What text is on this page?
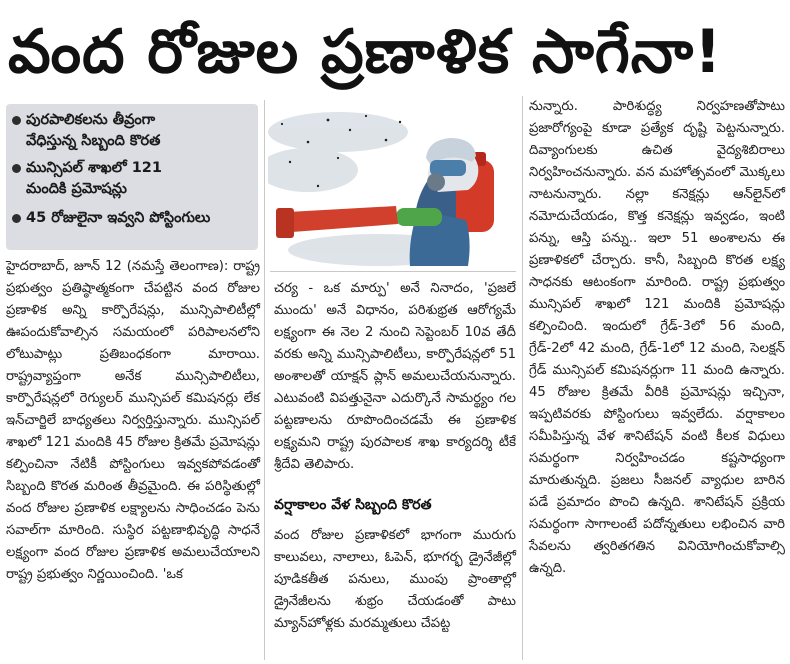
వంద రోజుల ప్రణాళిక సాగేనా!
పురపాలికలను తీవ్రంగా
వేధిస్తున్న సిబ్బంది కొరత
మున్సిపల్ శాఖలో 121
మందికి ప్రమోషన్లు
45 రోజులైనా ఇవ్వని పోస్టింగులు

హైదరాబాద్, జూన్ 12 (నమస్తే తెలంగాణ): రాష్ట్ర ప్రభుత్వం ప్రతిష్ఠాత్మకంగా చేపట్టిన వంద రోజుల ప్రణాళిక అన్ని కార్పొరేషన్లు, మున్సిపాలిటీల్లో ఊపందుకోవాల్సిన సమయంలో పరిపాలనలోని లోటుపాట్లు ప్రతిబంధకంగా మారాయి. రాష్ట్రవ్యాప్తంగా అనేక మున్సిపాలిటీలు, కార్పొరేషన్లలో రెగ్యులర్ మున్సిపల్ కమిషనర్లు లేక ఇన్‌చార్జిలే బాధ్యతలు నిర్వర్తిస్తున్నారు. మున్సిపల్ శాఖలో 121 మందికి 45 రోజుల క్రితమే ప్రమోషన్లు కల్పించినా నేటికీ పోస్టింగులు ఇవ్వకపోవడంతో సిబ్బంది కొరత మరింత తీవ్రమైంది. ఈ పరిస్థితుల్లో వంద రోజుల ప్రణాళిక లక్ష్యాలను సాధించడం పెను సవాల్‌గా మారింది. సుస్థిర పట్టణాభివృద్ధి సాధనే లక్ష్యంగా వంద రోజుల ప్రణాళిక అమలుచేయాలని రాష్ట్ర ప్రభుత్వం నిర్ణయించింది. 'ఒక

చర్య - ఒక మార్పు' అనే నినాదం, 'ప్రజలే ముందు' అనే విధానం, పరిశుభ్రత ఆరోగ్యమే లక్ష్యంగా ఈ నెల 2 నుంచి సెప్టెంబర్ 10వ తేదీ వరకు అన్ని మున్సిపాలిటీలు, కార్పొరేషన్లలో 51 అంశాలతో యాక్షన్ ప్లాన్ అమలుచేయనున్నారు. ఎటువంటి విపత్తునైనా ఎదుర్కొనే సామర్థ్యం గల పట్టణాలను రూపొందించడమే ఈ ప్రణాళిక లక్ష్యమని రాష్ట్ర పురపాలక శాఖ కార్యదర్శి టీకే శ్రీదేవి తెలిపారు.

వర్షాకాలం వేళ సిబ్బంది కొరత

వంద రోజుల ప్రణాళికలో భాగంగా మురుగు కాలువలు, నాలాలు, ఓపెన్, భూగర్భ డ్రైనేజీల్లో పూడికతీత పనులు, ముంపు ప్రాంతాల్లో డ్రైనేజీలను శుభ్రం చేయడంతో పాటు మ్యాన్‌హోళ్లకు మరమ్మతులు చేపట్ట

నున్నారు. పారిశుద్ధ్య నిర్వహణతోపాటు ప్రజారోగ్యంపై కూడా ప్రత్యేక దృష్టి పెట్టనున్నారు. దివ్యాంగులకు ఉచిత వైద్యశిబిరాలు నిర్వహించనున్నారు. వన మహోత్సవంలో మొక్కలు నాటనున్నారు. నల్లా కనెక్షన్లు ఆన్‌లైన్‌లో నమోదుచేయడం, కొత్త కనెక్షన్లు ఇవ్వడం, ఇంటి పన్ను, ఆస్తి పన్ను.. ఇలా 51 అంశాలను ఈ ప్రణాళికలో చేర్చారు. కానీ, సిబ్బంది కొరత లక్ష్య సాధనకు ఆటంకంగా మారింది. రాష్ట్ర ప్రభుత్వం మున్సిపల్ శాఖలో 121 మందికి ప్రమోషన్లు కల్పించింది. ఇందులో గ్రేడ్-3లో 56 మంది, గ్రేడ్-2లో 42 మంది, గ్రేడ్-1లో 12 మంది, సెలక్షన్ గ్రేడ్ మున్సిపల్ కమిషనర్లుగా 11 మంది ఉన్నారు. 45 రోజుల క్రితమే వీరికి ప్రమోషన్లు ఇచ్చినా, ఇప్పటివరకు పోస్టింగులు ఇవ్వలేదు. వర్షాకాలం సమీపిస్తున్న వేళ శానిటేషన్ వంటి కీలక విధులు సమర్థంగా నిర్వహించడం కష్టసాధ్యంగా మారుతున్నది. ప్రజలు సీజనల్ వ్యాధుల బారిన పడే ప్రమాదం పొంచి ఉన్నది. శానిటేషన్ ప్రక్రియ సమర్థంగా సాగాలంటే పదోన్నతులు లభించిన వారి సేవలను త్వరితగతిన వినియోగించుకోవాల్సి ఉన్నది.
